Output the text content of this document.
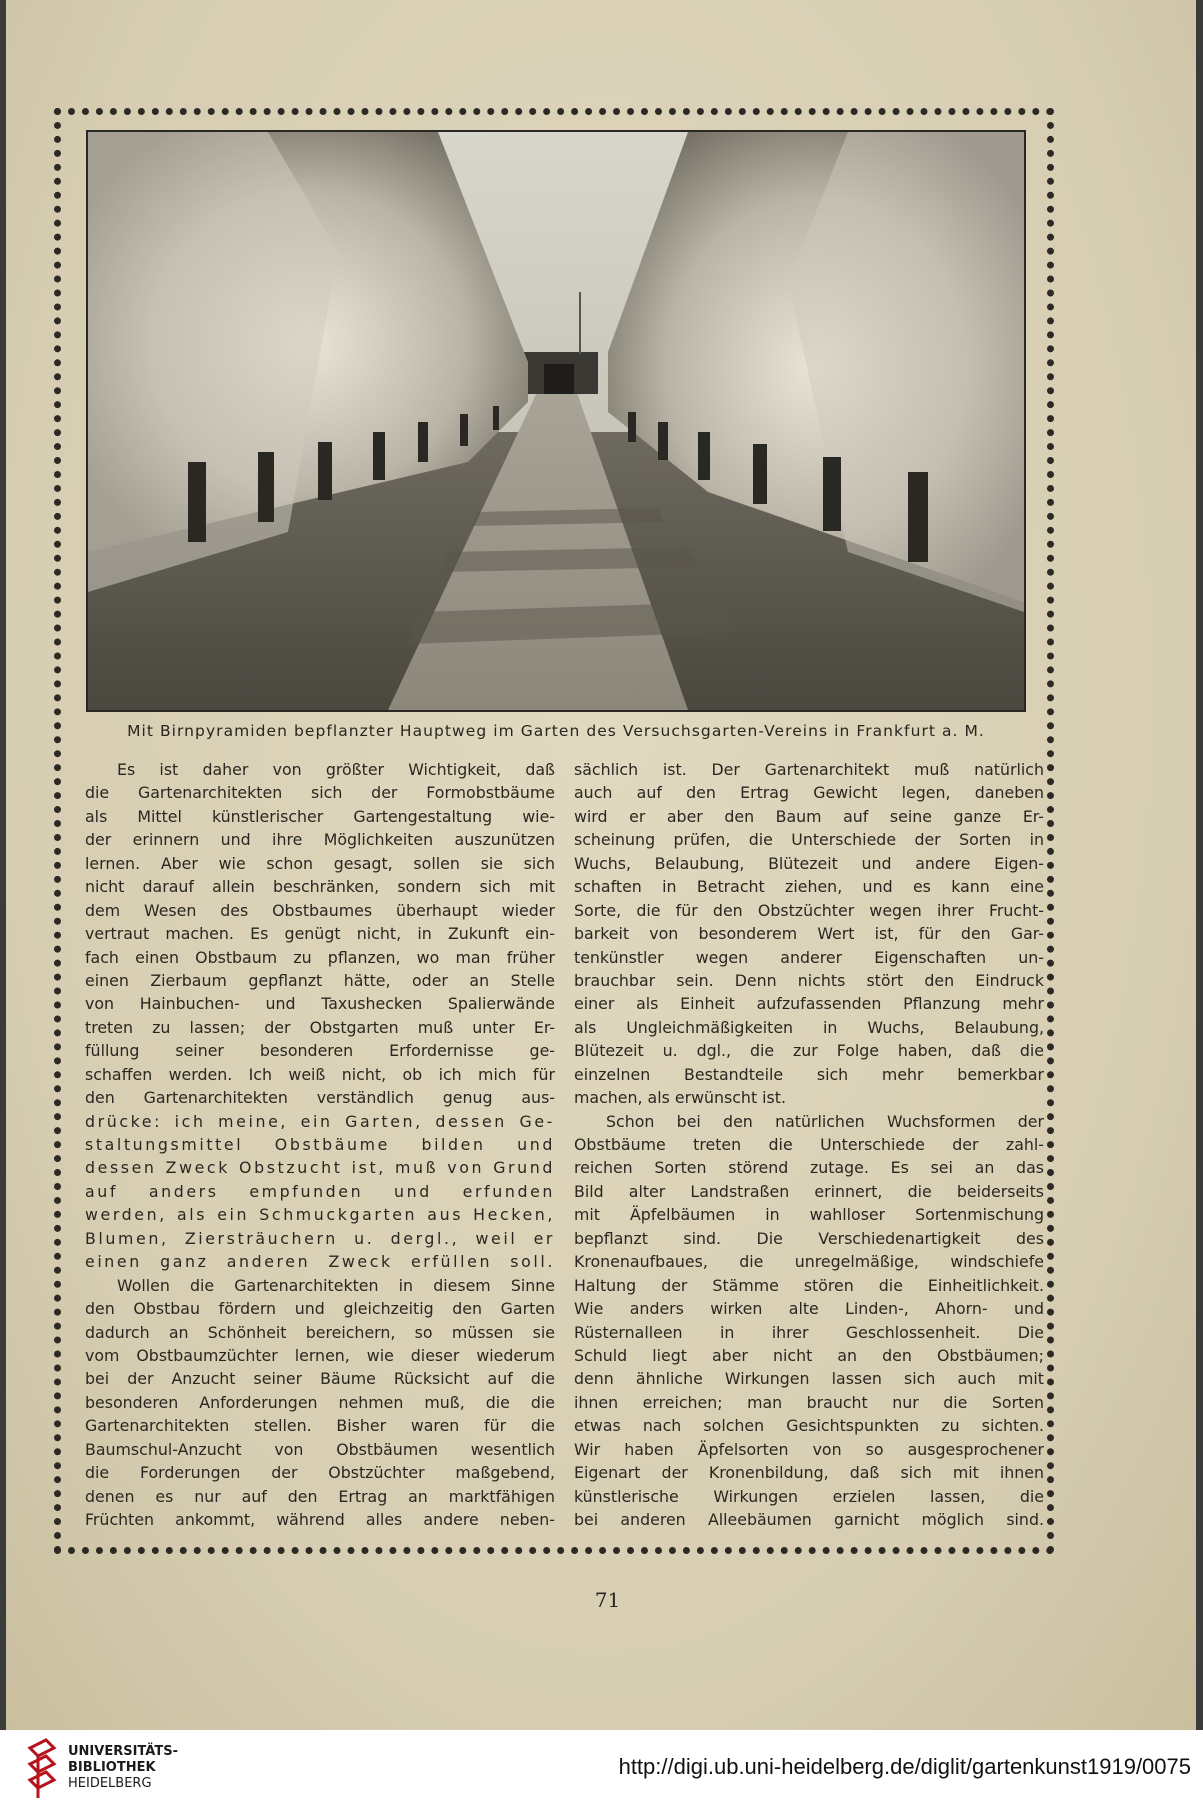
Mit Birnpyramiden bepflanzter Hauptweg im Garten des Versuchsgarten-Vereins in Frankfurt a. M.
Es ist daher von größter Wichtigkeit, daß
die Gartenarchitekten sich der Formobstbäume
als Mittel künstlerischer Gartengestaltung wie-
der erinnern und ihre Möglichkeiten auszunützen
lernen. Aber wie schon gesagt, sollen sie sich
nicht darauf allein beschränken, sondern sich mit
dem Wesen des Obstbaumes überhaupt wieder
vertraut machen. Es genügt nicht, in Zukunft ein-
fach einen Obstbaum zu pflanzen, wo man früher
einen Zierbaum gepflanzt hätte, oder an Stelle
von Hainbuchen- und Taxushecken Spalierwände
treten zu lassen; der Obstgarten muß unter Er-
füllung seiner besonderen Erfordernisse ge-
schaffen werden. Ich weiß nicht, ob ich mich für
den Gartenarchitekten verständlich genug aus-
drücke: ich meine, ein Garten, dessen Ge-
staltungsmittel Obstbäume bilden und
dessen Zweck Obstzucht ist, muß von Grund
auf anders empfunden und erfunden
werden, als ein Schmuckgarten aus Hecken,
Blumen, Ziersträuchern u. dergl., weil er
einen ganz anderen Zweck erfüllen soll.
Wollen die Gartenarchitekten in diesem Sinne
den Obstbau fördern und gleichzeitig den Garten
dadurch an Schönheit bereichern, so müssen sie
vom Obstbaumzüchter lernen, wie dieser wiederum
bei der Anzucht seiner Bäume Rücksicht auf die
besonderen Anforderungen nehmen muß, die die
Gartenarchitekten stellen. Bisher waren für die
Baumschul-Anzucht von Obstbäumen wesentlich
die Forderungen der Obstzüchter maßgebend,
denen es nur auf den Ertrag an marktfähigen
Früchten ankommt, während alles andere neben-
sächlich ist. Der Gartenarchitekt muß natürlich
auch auf den Ertrag Gewicht legen, daneben
wird er aber den Baum auf seine ganze Er-
scheinung prüfen, die Unterschiede der Sorten in
Wuchs, Belaubung, Blütezeit und andere Eigen-
schaften in Betracht ziehen, und es kann eine
Sorte, die für den Obstzüchter wegen ihrer Frucht-
barkeit von besonderem Wert ist, für den Gar-
tenkünstler wegen anderer Eigenschaften un-
brauchbar sein. Denn nichts stört den Eindruck
einer als Einheit aufzufassenden Pflanzung mehr
als Ungleichmäßigkeiten in Wuchs, Belaubung,
Blütezeit u. dgl., die zur Folge haben, daß die
einzelnen Bestandteile sich mehr bemerkbar
machen, als erwünscht ist.
Schon bei den natürlichen Wuchsformen der
Obstbäume treten die Unterschiede der zahl-
reichen Sorten störend zutage. Es sei an das
Bild alter Landstraßen erinnert, die beiderseits
mit Äpfelbäumen in wahlloser Sortenmischung
bepflanzt sind. Die Verschiedenartigkeit des
Kronenaufbaues, die unregelmäßige, windschiefe
Haltung der Stämme stören die Einheitlichkeit.
Wie anders wirken alte Linden-, Ahorn- und
Rüsternalleen in ihrer Geschlossenheit. Die
Schuld liegt aber nicht an den Obstbäumen;
denn ähnliche Wirkungen lassen sich auch mit
ihnen erreichen; man braucht nur die Sorten
etwas nach solchen Gesichtspunkten zu sichten.
Wir haben Äpfelsorten von so ausgesprochener
Eigenart der Kronenbildung, daß sich mit ihnen
künstlerische Wirkungen erzielen lassen, die
bei anderen Alleebäumen garnicht möglich sind.
71
UNIVERSITÄTS-
BIBLIOTHEK
HEIDELBERG
http://digi.ub.uni-heidelberg.de/diglit/gartenkunst1919/0075
